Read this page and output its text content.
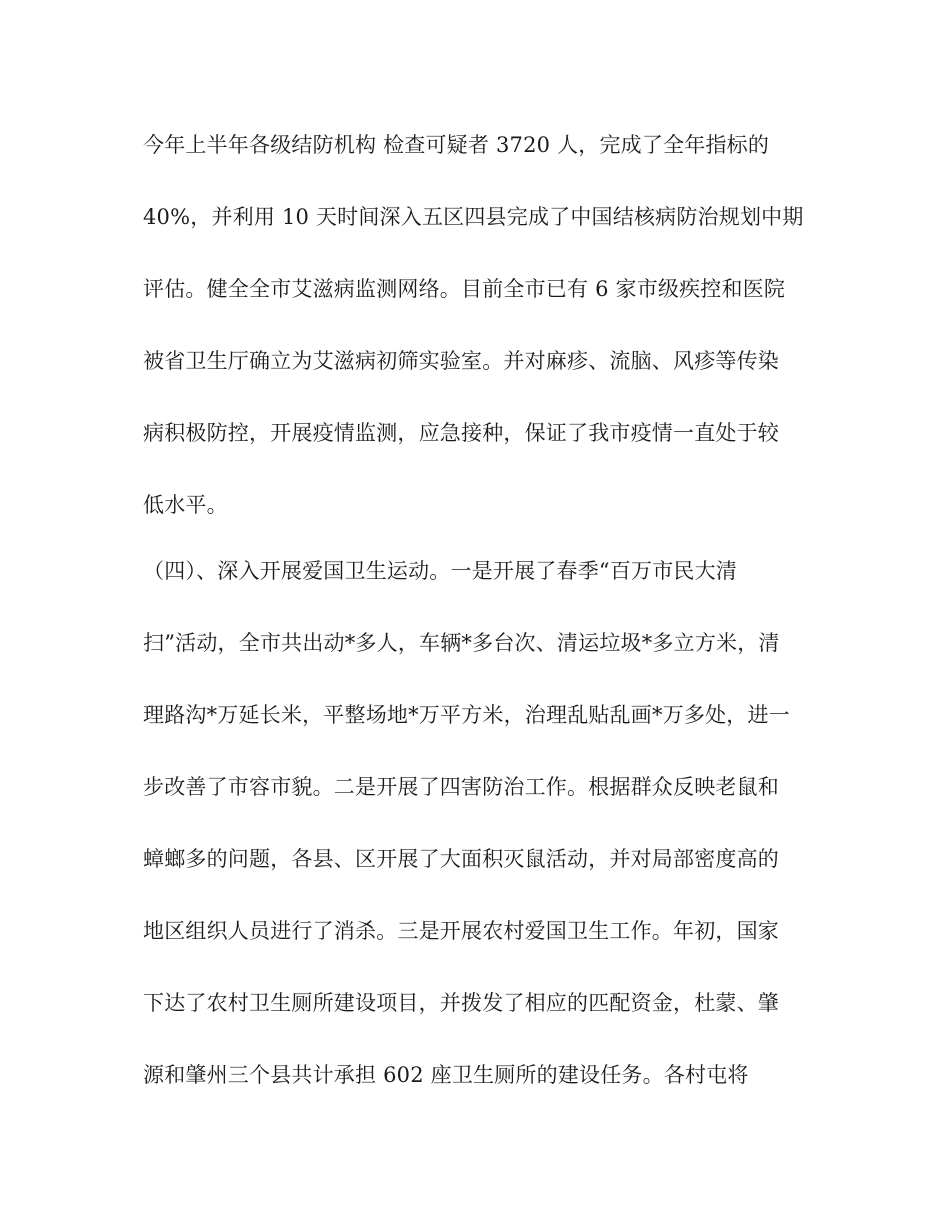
今年上半年各级结防机构 检查可疑者 3720 人，完成了全年指标的
40%，并利用 10 天时间深入五区四县完成了中国结核病防治规划中期
评估。健全全市艾滋病监测网络。目前全市已有 6 家市级疾控和医院
被省卫生厅确立为艾滋病初筛实验室。并对麻疹、流脑、风疹等传染
病积极防控，开展疫情监测，应急接种，保证了我市疫情一直处于较
低水平。
（四）、深入开展爱国卫生运动。一是开展了春季“百万市民大清
扫”活动，全市共出动*多人，车辆*多台次、清运垃圾*多立方米，清
理路沟*万延长米，平整场地*万平方米，治理乱贴乱画*万多处，进一
步改善了市容市貌。二是开展了四害防治工作。根据群众反映老鼠和
蟑螂多的问题，各县、区开展了大面积灭鼠活动，并对局部密度高的
地区组织人员进行了消杀。三是开展农村爱国卫生工作。年初，国家
下达了农村卫生厕所建设项目，并拨发了相应的匹配资金，杜蒙、肇
源和肇州三个县共计承担 602 座卫生厕所的建设任务。各村屯将
